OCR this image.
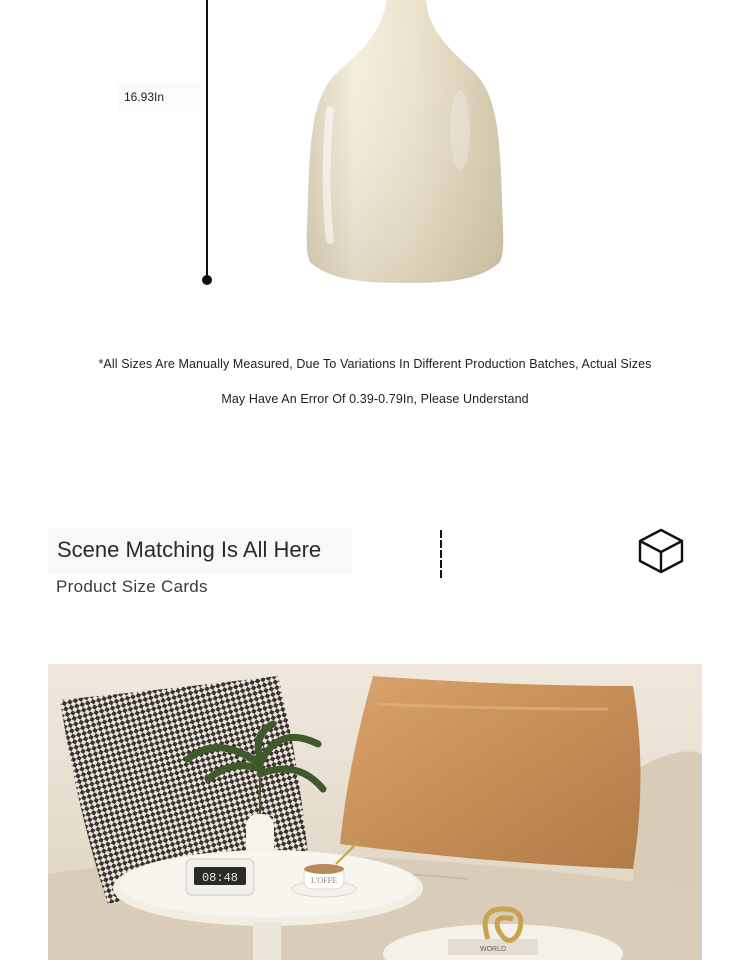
16.93In
*All Sizes Are Manually Measured, Due To Variations In Different Production Batches, Actual Sizes
May Have An Error Of 0.39-0.79In, Please Understand
Scene Matching Is All Here
Product Size Cards
08:48	L'OFFE
WORLD
